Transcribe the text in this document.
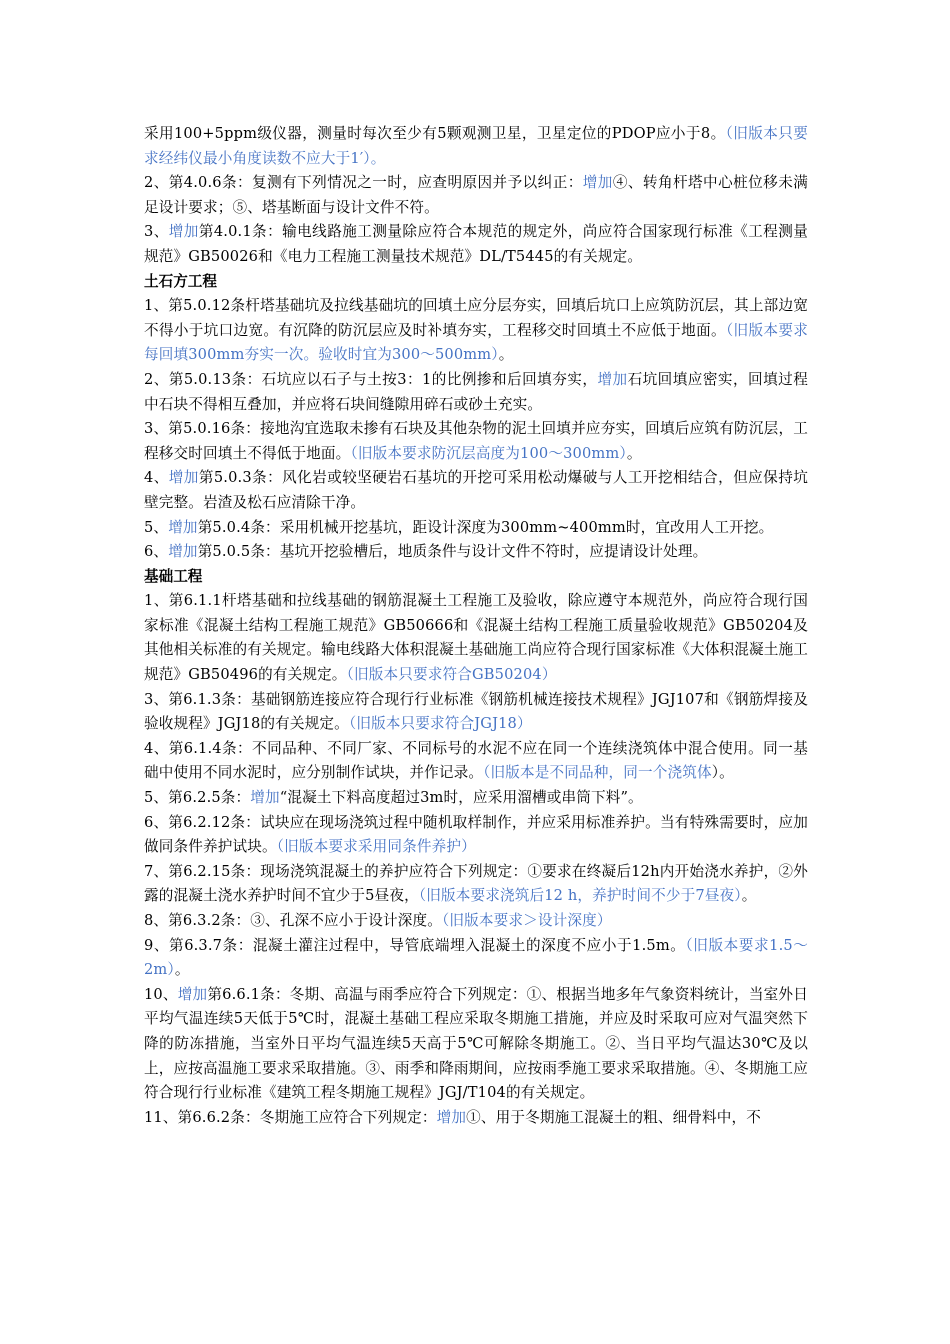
采用100+5ppm级仪器，测量时每次至少有5颗观测卫星，卫星定位的PDOP应小于8。（旧版本只要求经纬仪最小角度读数不应大于1′）。

2、第4.0.6条：复测有下列情况之一时，应查明原因并予以纠正：增加④、转角杆塔中心桩位移未满足设计要求；⑤、塔基断面与设计文件不符。

3、增加第4.0.1条：输电线路施工测量除应符合本规范的规定外，尚应符合国家现行标准《工程测量规范》GB50026和《电力工程施工测量技术规范》DL/T5445的有关规定。

土石方工程

1、第5.0.12条杆塔基础坑及拉线基础坑的回填土应分层夯实，回填后坑口上应筑防沉层，其上部边宽不得小于坑口边宽。有沉降的防沉层应及时补填夯实，工程移交时回填土不应低于地面。（旧版本要求每回填300mm夯实一次。验收时宜为300～500mm）。

2、第5.0.13条：石坑应以石子与土按3：1的比例掺和后回填夯实，增加石坑回填应密实，回填过程中石块不得相互叠加，并应将石块间缝隙用碎石或砂土充实。

3、第5.0.16条：接地沟宜选取未掺有石块及其他杂物的泥土回填并应夯实，回填后应筑有防沉层，工程移交时回填土不得低于地面。（旧版本要求防沉层高度为100～300mm）。

4、增加第5.0.3条：风化岩或较坚硬岩石基坑的开挖可采用松动爆破与人工开挖相结合，但应保持坑壁完整。岩渣及松石应清除干净。

5、增加第5.0.4条：采用机械开挖基坑，距设计深度为300mm~400mm时，宜改用人工开挖。

6、增加第5.0.5条：基坑开挖验槽后，地质条件与设计文件不符时，应提请设计处理。

基础工程

1、第6.1.1杆塔基础和拉线基础的钢筋混凝土工程施工及验收，除应遵守本规范外，尚应符合现行国家标准《混凝土结构工程施工规范》GB50666和《混凝土结构工程施工质量验收规范》GB50204及其他相关标准的有关规定。输电线路大体积混凝土基础施工尚应符合现行国家标准《大体积混凝土施工规范》GB50496的有关规定。（旧版本只要求符合GB50204）

3、第6.1.3条：基础钢筋连接应符合现行行业标准《钢筋机械连接技术规程》JGJ107和《钢筋焊接及验收规程》JGJ18的有关规定。（旧版本只要求符合JGJ18）

4、第6.1.4条：不同品种、不同厂家、不同标号的水泥不应在同一个连续浇筑体中混合使用。同一基础中使用不同水泥时，应分别制作试块，并作记录。（旧版本是不同品种，同一个浇筑体）。

5、第6.2.5条：增加“混凝土下料高度超过3m时，应采用溜槽或串筒下料”。

6、第6.2.12条：试块应在现场浇筑过程中随机取样制作，并应采用标准养护。当有特殊需要时，应加做同条件养护试块。（旧版本要求采用同条件养护）

7、第6.2.15条：现场浇筑混凝土的养护应符合下列规定：①要求在终凝后12h内开始浇水养护，②外露的混凝土浇水养护时间不宜少于5昼夜，（旧版本要求浇筑后12 h，养护时间不少于7昼夜）。

8、第6.3.2条：③、孔深不应小于设计深度。（旧版本要求＞设计深度）

9、第6.3.7条：混凝土灌注过程中，导管底端埋入混凝土的深度不应小于1.5m。（旧版本要求1.5～2m）。

10、增加第6.6.1条：冬期、高温与雨季应符合下列规定：①、根据当地多年气象资料统计，当室外日平均气温连续5天低于5℃时，混凝土基础工程应采取冬期施工措施，并应及时采取可应对气温突然下降的防冻措施，当室外日平均气温连续5天高于5℃可解除冬期施工。②、当日平均气温达30℃及以上，应按高温施工要求采取措施。③、雨季和降雨期间，应按雨季施工要求采取措施。④、冬期施工应符合现行行业标准《建筑工程冬期施工规程》JGJ/T104的有关规定。

11、第6.6.2条：冬期施工应符合下列规定：增加①、用于冬期施工混凝土的粗、细骨料中，不
